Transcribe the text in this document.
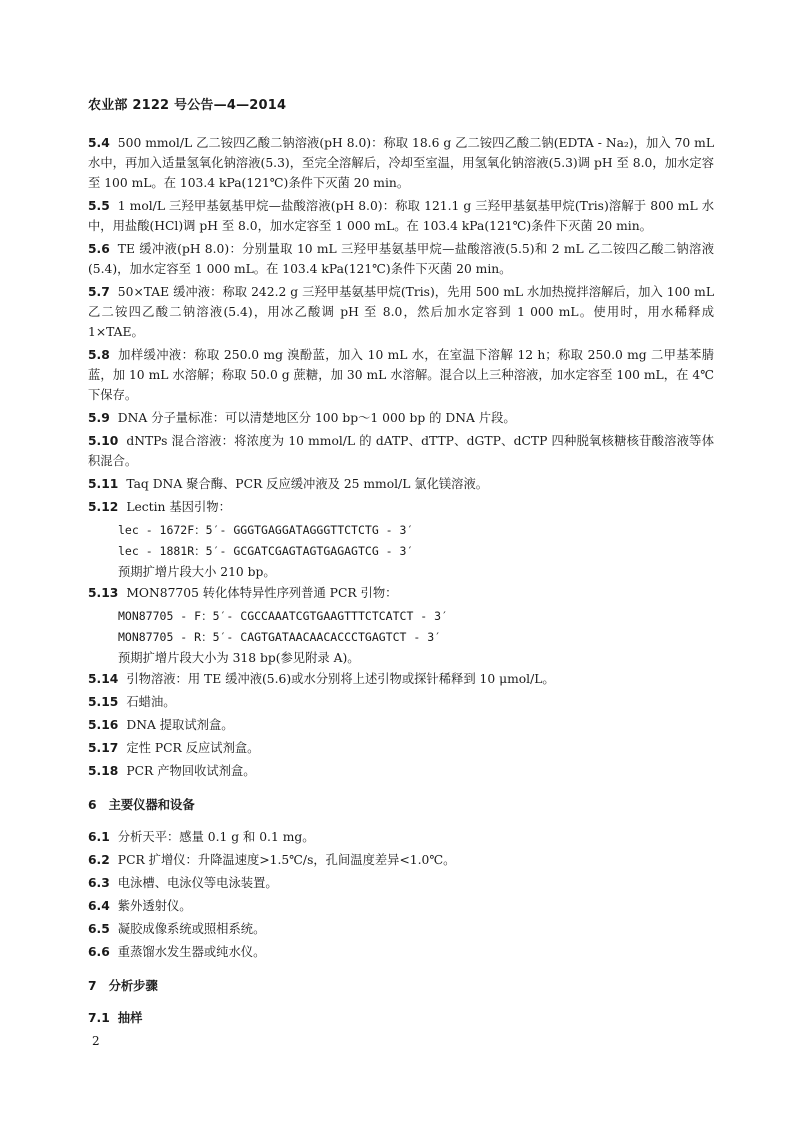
农业部 2122 号公告—4—2014
5.4 500 mmol/L 乙二铵四乙酸二钠溶液(pH 8.0)：称取 18.6 g 乙二铵四乙酸二钠(EDTA - Na₂)，加入 70 mL 水中，再加入适量氢氧化钠溶液(5.3)，至完全溶解后，冷却至室温，用氢氧化钠溶液(5.3)调 pH 至 8.0，加水定容至 100 mL。在 103.4 kPa(121℃)条件下灭菌 20 min。
5.5 1 mol/L 三羟甲基氨基甲烷—盐酸溶液(pH 8.0)：称取 121.1 g 三羟甲基氨基甲烷(Tris)溶解于 800 mL 水中，用盐酸(HCl)调 pH 至 8.0，加水定容至 1 000 mL。在 103.4 kPa(121℃)条件下灭菌 20 min。
5.6 TE 缓冲液(pH 8.0)：分别量取 10 mL 三羟甲基氨基甲烷—盐酸溶液(5.5)和 2 mL 乙二铵四乙酸二钠溶液(5.4)，加水定容至 1 000 mL。在 103.4 kPa(121℃)条件下灭菌 20 min。
5.7 50×TAE 缓冲液：称取 242.2 g 三羟甲基氨基甲烷(Tris)，先用 500 mL 水加热搅拌溶解后，加入 100 mL 乙二铵四乙酸二钠溶液(5.4)，用冰乙酸调 pH 至 8.0，然后加水定容到 1 000 mL。使用时，用水稀释成 1×TAE。
5.8 加样缓冲液：称取 250.0 mg 溴酚蓝，加入 10 mL 水，在室温下溶解 12 h；称取 250.0 mg 二甲基苯腈蓝，加 10 mL 水溶解；称取 50.0 g 蔗糖，加 30 mL 水溶解。混合以上三种溶液，加水定容至 100 mL，在 4℃下保存。
5.9 DNA 分子量标准：可以清楚地区分 100 bp～1 000 bp 的 DNA 片段。
5.10 dNTPs 混合溶液：将浓度为 10 mmol/L 的 dATP、dTTP、dGTP、dCTP 四种脱氧核糖核苷酸溶液等体积混合。
5.11 Taq DNA 聚合酶、PCR 反应缓冲液及 25 mmol/L 氯化镁溶液。
5.12 Lectin 基因引物：
lec - 1672F：5′- GGGTGAGGATAGGGTTCTCTG - 3′
lec - 1881R：5′- GCGATCGAGTAGTGAGAGTCG - 3′
预期扩增片段大小 210 bp。
5.13 MON87705 转化体特异性序列普通 PCR 引物：
MON87705 - F：5′- CGCCAAATCGTGAAGTTTCTCATCT - 3′
MON87705 - R：5′- CAGTGATAACAACACCCTGAGTCT - 3′
预期扩增片段大小为 318 bp(参见附录 A)。
5.14 引物溶液：用 TE 缓冲液(5.6)或水分别将上述引物或探针稀释到 10 μmol/L。
5.15 石蜡油。
5.16 DNA 提取试剂盒。
5.17 定性 PCR 反应试剂盒。
5.18 PCR 产物回收试剂盒。
6 主要仪器和设备
6.1 分析天平：感量 0.1 g 和 0.1 mg。
6.2 PCR 扩增仪：升降温速度>1.5℃/s，孔间温度差异<1.0℃。
6.3 电泳槽、电泳仪等电泳装置。
6.4 紫外透射仪。
6.5 凝胶成像系统或照相系统。
6.6 重蒸馏水发生器或纯水仪。
7 分析步骤
7.1 抽样
2
